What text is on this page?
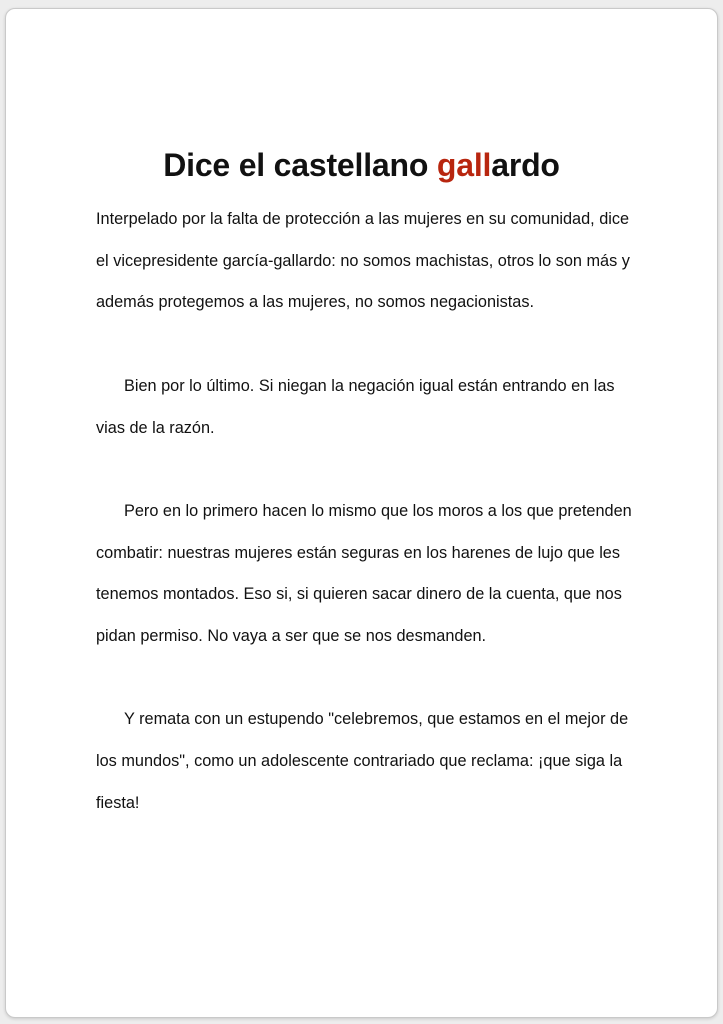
Dice el castellano gallardo

Interpelado por la falta de protección a las mujeres en su comunidad, dice el vicepresidente garcía-gallardo: no somos machistas, otros lo son más y además protegemos a las mujeres, no somos negacionistas.

Bien por lo último. Si niegan la negación igual están entrando en las vias de la razón.

Pero en lo primero hacen lo mismo que los moros a los que pretenden combatir: nuestras mujeres están seguras en los harenes de lujo que les tenemos montados. Eso si, si quieren sacar dinero de la cuenta, que nos pidan permiso. No vaya a ser que se nos desmanden.

Y remata con un estupendo "celebremos, que estamos en el mejor de los mundos", como un adolescente contrariado que reclama: ¡que siga la fiesta!
